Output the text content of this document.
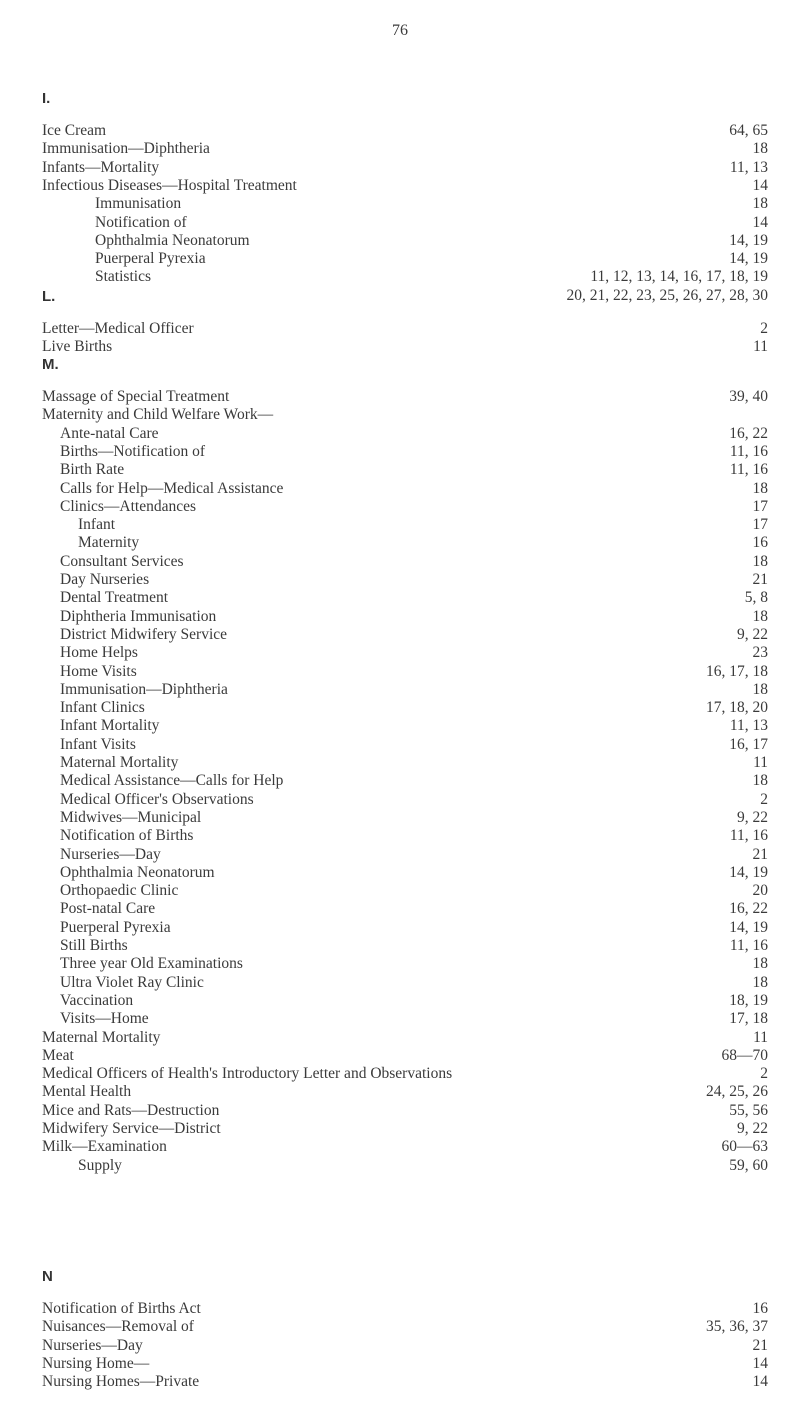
76
I.
Ice Cream	64, 65
Immunisation—Diphtheria	18
Infants—Mortality	11, 13
Infectious Diseases—Hospital Treatment	14
Immunisation	18
Notification of	14
Ophthalmia Neonatorum	14, 19
Puerperal Pyrexia	14, 19
Statistics	11, 12, 13, 14, 16, 17, 18, 19
20, 21, 22, 23, 25, 26, 27, 28, 30
L.
Letter—Medical Officer	2
Live Births	11
M.
Massage of Special Treatment	39, 40
Maternity and Child Welfare Work—
Ante-natal Care	16, 22
Births—Notification of	11, 16
Birth Rate	11, 16
Calls for Help—Medical Assistance	18
Clinics—Attendances	17
Infant	17
Maternity	16
Consultant Services	18
Day Nurseries	21
Dental Treatment	5, 8
Diphtheria Immunisation	18
District Midwifery Service	9, 22
Home Helps	23
Home Visits	16, 17, 18
Immunisation—Diphtheria	18
Infant Clinics	17, 18, 20
Infant Mortality	11, 13
Infant Visits	16, 17
Maternal Mortality	11
Medical Assistance—Calls for Help	18
Medical Officer's Observations	2
Midwives—Municipal	9, 22
Notification of Births	11, 16
Nurseries—Day	21
Ophthalmia Neonatorum	14, 19
Orthopaedic Clinic	20
Post-natal Care	16, 22
Puerperal Pyrexia	14, 19
Still Births	11, 16
Three year Old Examinations	18
Ultra Violet Ray Clinic	18
Vaccination	18, 19
Visits—Home	17, 18
Maternal Mortality	11
Meat	68—70
Medical Officers of Health's Introductory Letter and Observations	2
Mental Health	24, 25, 26
Mice and Rats—Destruction	55, 56
Midwifery Service—District	9, 22
Milk—Examination	60—63
Supply	59, 60
N
Notification of Births Act	16
Nuisances—Removal of	35, 36, 37
Nurseries—Day	21
Nursing Home—	14
Nursing Homes—Private	14
